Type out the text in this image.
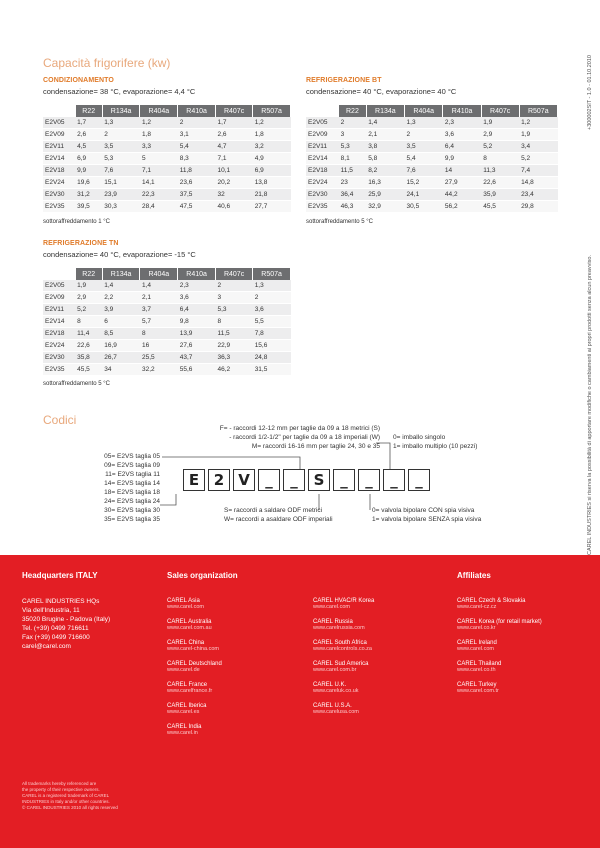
Capacità frigorifere (kw)	+300002SIT - 1.0 - 01.10.2010
CAREL INDUSTRIES si riserva la possibilità di apportare modifiche o cambiamenti ai propri prodotti senza alcun preavviso.
CONDIZIONAMENTO
condensazione= 38 °C, evaporazione= 4,4 °C
	R22	R134a	R404a	R410a	R407c	R507a
E2V05	1,7	1,3	1,2	2	1,7	1,2
E2V09	2,6	2	1,8	3,1	2,6	1,8
E2V11	4,5	3,5	3,3	5,4	4,7	3,2
E2V14	6,9	5,3	5	8,3	7,1	4,9
E2V18	9,9	7,6	7,1	11,8	10,1	6,9
E2V24	19,6	15,1	14,1	23,6	20,2	13,8
E2V30	31,2	23,9	22,3	37,5	32	21,8
E2V35	39,5	30,3	28,4	47,5	40,6	27,7
sottoraffreddamento 1 °C
REFRIGERAZIONE BT
condensazione= 40 °C, evaporazione= 40 °C
	R22	R134a	R404a	R410a	R407c	R507a
E2V05	2	1,4	1,3	2,3	1,9	1,2
E2V09	3	2,1	2	3,6	2,9	1,9
E2V11	5,3	3,8	3,5	6,4	5,2	3,4
E2V14	8,1	5,8	5,4	9,9	8	5,2
E2V18	11,5	8,2	7,6	14	11,3	7,4
E2V24	23	16,3	15,2	27,9	22,6	14,8
E2V30	36,4	25,9	24,1	44,2	35,9	23,4
E2V35	46,3	32,9	30,5	56,2	45,5	29,8
sottoraffreddamento 5 °C
REFRIGERAZIONE TN
condensazione= 40 °C, evaporazione= -15 °C
	R22	R134a	R404a	R410a	R407c	R507a
E2V05	1,9	1,4	1,4	2,3	2	1,3
E2V09	2,9	2,2	2,1	3,6	3	2
E2V11	5,2	3,9	3,7	6,4	5,3	3,6
E2V14	8	6	5,7	9,8	8	5,5
E2V18	11,4	8,5	8	13,9	11,5	7,8
E2V24	22,6	16,9	16	27,6	22,9	15,6
E2V30	35,8	26,7	25,5	43,7	36,3	24,8
E2V35	45,5	34	32,2	55,6	46,2	31,5
sottoraffreddamento 5 °C
Codici
F= - raccordi 12-12 mm per taglie da 09 a 18 metrici (S)
- raccordi 1/2-1/2" per taglie da 09 a 18 imperiali (W)
M= raccordi 16-16 mm per taglie 24, 30 e 35
0= imballo singolo
1= imballo multiplo (10 pezzi)
05= E2VS taglia 05
09= E2VS taglia 09
11= E2VS taglia 11
14= E2VS taglia 14
18= E2VS taglia 18
24= E2VS taglia 24
30= E2VS taglia 30
35= E2VS taglia 35
E 2 V	_	_	S	_	_	_	_
S= raccordi a saldare ODF metrici
W= raccordi a asaldare ODF imperiali
0= valvola bipolare CON spia visiva
1= valvola bipolare SENZA spia visiva
Headquarters ITALY
CAREL INDUSTRIES HQs
Via dell'Industria, 11
35020 Brugine - Padova (Italy)
Tel. (+39) 0499 716611
Fax (+39) 0499 716600
carel@carel.com
Sales organization
CAREL Asia
www.carel.com
CAREL Australia
www.carel.com.au
CAREL China
www.carel-china.com
CAREL Deutschland
www.carel.de
CAREL France
www.carelfrance.fr
CAREL Iberica
www.carel.es
CAREL India
www.carel.in
CAREL HVAC/R Korea
www.carel.com
CAREL Russia
www.carelrussia.com
CAREL South Africa
www.carelcontrols.co.za
CAREL Sud America
www.carel.com.br
CAREL U.K.
www.careluk.co.uk
CAREL U.S.A.
www.carelusa.com
Affiliates
CAREL Czech & Slovakia
www.carel-cz.cz
CAREL Korea (for retail market)
www.carel.co.kr
CAREL Ireland
www.carel.com
CAREL Thailand
www.carel.co.th
CAREL Turkey
www.carel.com.tr
All trademarks hereby referenced are
the property of their respective owners.
CAREL is a registered trademark of CAREL
INDUSTRIES in Italy and/or other countries.
© CAREL INDUSTRIES 2010 all rights reserved
